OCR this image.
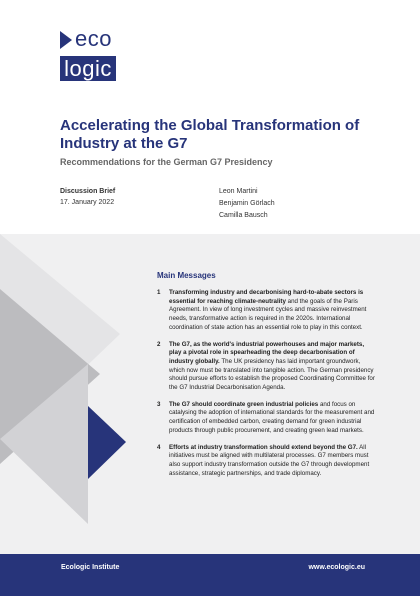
eco
logic
Accelerating the Global Transformation of Industry at the G7
Recommendations for the German G7 Presidency
Discussion Brief
17. January 2022
Leon Martini
Benjamin Görlach
Camilla Bausch
Main Messages
1 Transforming industry and decarbonising hard-to-abate sectors is essential for reaching climate-neutrality and the goals of the Paris Agreement. In view of long investment cycles and massive reinvestment needs, transformative action is required in the 2020s. International coordination of state action has an essential role to play in this context.
2 The G7, as the world's industrial powerhouses and major markets, play a pivotal role in spearheading the deep decarbonisation of industry globally. The UK presidency has laid important groundwork, which now must be translated into tangible action. The German presidency should pursue efforts to establish the proposed Coordinating Committee for the G7 Industrial Decarbonisation Agenda.
3 The G7 should coordinate green industrial policies and focus on catalysing the adoption of international standards for the measurement and certification of embedded carbon, creating demand for green industrial products through public procurement, and creating green lead markets.
4 Efforts at industry transformation should extend beyond the G7. All initiatives must be aligned with multilateral processes. G7 members must also support industry transformation outside the G7 through development assistance, strategic partnerships, and trade diplomacy.
Ecologic Institute	www.ecologic.eu
